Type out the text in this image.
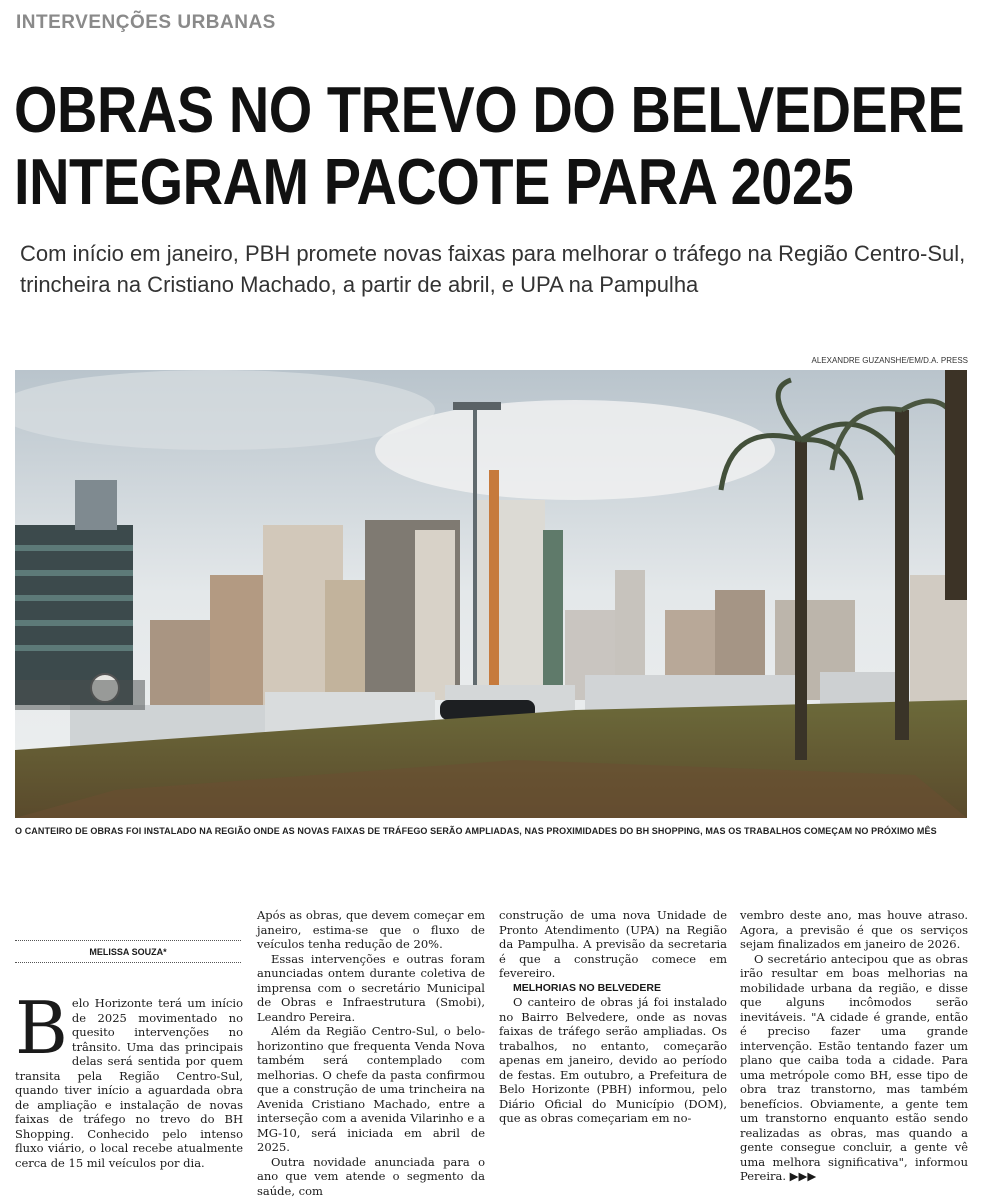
INTERVENÇÕES URBANAS
OBRAS NO TREVO DO BELVEDERE
INTEGRAM PACOTE PARA 2025
Com início em janeiro, PBH promete novas faixas para melhorar o tráfego na Região Centro-Sul, trincheira na Cristiano Machado, a partir de abril, e UPA na Pampulha
ALEXANDRE GUZANSHE/EM/D.A. PRESS
O CANTEIRO DE OBRAS FOI INSTALADO NA REGIÃO ONDE AS NOVAS FAIXAS DE TRÁFEGO SERÃO AMPLIADAS, NAS PROXIMIDADES DO BH SHOPPING, MAS OS TRABALHOS COMEÇAM NO PRÓXIMO MÊS
MELISSA SOUZA*

Belo Horizonte terá um início de 2025 movimentado no quesito intervenções no trânsito. Uma das principais delas será sentida por quem transita pela Região Centro-Sul, quando tiver início a aguardada obra de ampliação e instalação de novas faixas de tráfego no trevo do BH Shopping. Conhecido pelo intenso fluxo viário, o local recebe atualmente cerca de 15 mil veículos por dia.

Após as obras, que devem começar em janeiro, estima-se que o fluxo de veículos tenha redução de 20%.

Essas intervenções e outras foram anunciadas ontem durante coletiva de imprensa com o secretário Municipal de Obras e Infraestrutura (Smobi), Leandro Pereira.

Além da Região Centro-Sul, o belo-horizontino que frequenta Venda Nova também será contemplado com melhorias. O chefe da pasta confirmou que a construção de uma trincheira na Avenida Cristiano Machado, entre a interseção com a avenida Vilarinho e a MG-10, será iniciada em abril de 2025.

Outra novidade anunciada para o ano que vem atende o segmento da saúde, com

construção de uma nova Unidade de Pronto Atendimento (UPA) na Região da Pampulha. A previsão da secretaria é que a construção comece em fevereiro.

MELHORIAS NO BELVEDERE

O canteiro de obras já foi instalado no Bairro Belvedere, onde as novas faixas de tráfego serão ampliadas. Os trabalhos, no entanto, começarão apenas em janeiro, devido ao período de festas. Em outubro, a Prefeitura de Belo Horizonte (PBH) informou, pelo Diário Oficial do Município (DOM), que as obras começariam em no-

vembro deste ano, mas houve atraso. Agora, a previsão é que os serviços sejam finalizados em janeiro de 2026.

O secretário antecipou que as obras irão resultar em boas melhorias na mobilidade urbana da região, e disse que alguns incômodos serão inevitáveis. "A cidade é grande, então é preciso fazer uma grande intervenção. Estão tentando fazer um plano que caiba toda a cidade. Para uma metrópole como BH, esse tipo de obra traz transtorno, mas também benefícios. Obviamente, a gente tem um transtorno enquanto estão sendo realizadas as obras, mas quando a gente consegue concluir, a gente vê uma melhora significativa", informou Pereira. ▶▶▶
